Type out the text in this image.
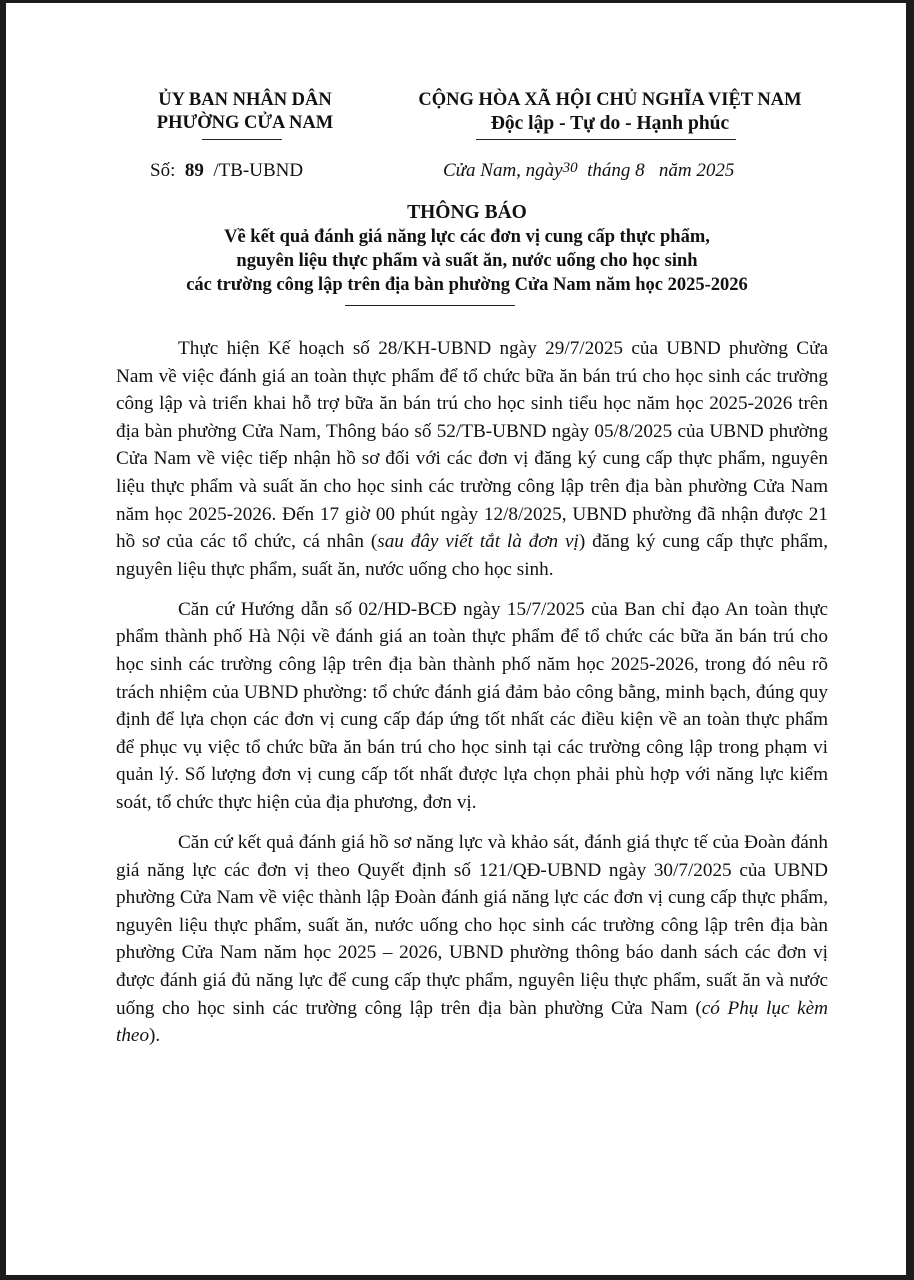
ỦY BAN NHÂN DÂN
PHƯỜNG CỬA NAM
CỘNG HÒA XÃ HỘI CHỦ NGHĨA VIỆT NAM
Độc lập - Tự do - Hạnh phúc
Số: 89 /TB-UBND	Cửa Nam, ngày$^{30}$ tháng 8 năm 2025
THÔNG BÁO
Về kết quả đánh giá năng lực các đơn vị cung cấp thực phẩm,
nguyên liệu thực phẩm và suất ăn, nước uống cho học sinh
các trường công lập trên địa bàn phường Cửa Nam năm học 2025-2026

Thực hiện Kế hoạch số 28/KH-UBND ngày 29/7/2025 của UBND phường Cửa Nam về việc đánh giá an toàn thực phẩm để tổ chức bữa ăn bán trú cho học sinh các trường công lập và triển khai hỗ trợ bữa ăn bán trú cho học sinh tiểu học năm học 2025-2026 trên địa bàn phường Cửa Nam, Thông báo số 52/TB-UBND ngày 05/8/2025 của UBND phường Cửa Nam về việc tiếp nhận hồ sơ đối với các đơn vị đăng ký cung cấp thực phẩm, nguyên liệu thực phẩm và suất ăn cho học sinh các trường công lập trên địa bàn phường Cửa Nam năm học 2025-2026. Đến 17 giờ 00 phút ngày 12/8/2025, UBND phường đã nhận được 21 hồ sơ của các tổ chức, cá nhân (sau đây viết tắt là đơn vị) đăng ký cung cấp thực phẩm, nguyên liệu thực phẩm, suất ăn, nước uống cho học sinh.

Căn cứ Hướng dẫn số 02/HD-BCĐ ngày 15/7/2025 của Ban chỉ đạo An toàn thực phẩm thành phố Hà Nội về đánh giá an toàn thực phẩm để tổ chức các bữa ăn bán trú cho học sinh các trường công lập trên địa bàn thành phố năm học 2025-2026, trong đó nêu rõ trách nhiệm của UBND phường: tổ chức đánh giá đảm bảo công bằng, minh bạch, đúng quy định để lựa chọn các đơn vị cung cấp đáp ứng tốt nhất các điều kiện về an toàn thực phẩm để phục vụ việc tổ chức bữa ăn bán trú cho học sinh tại các trường công lập trong phạm vi quản lý. Số lượng đơn vị cung cấp tốt nhất được lựa chọn phải phù hợp với năng lực kiểm soát, tổ chức thực hiện của địa phương, đơn vị.

Căn cứ kết quả đánh giá hồ sơ năng lực và khảo sát, đánh giá thực tế của Đoàn đánh giá năng lực các đơn vị theo Quyết định số 121/QĐ-UBND ngày 30/7/2025 của UBND phường Cửa Nam về việc thành lập Đoàn đánh giá năng lực các đơn vị cung cấp thực phẩm, nguyên liệu thực phẩm, suất ăn, nước uống cho học sinh các trường công lập trên địa bàn phường Cửa Nam năm học 2025 – 2026, UBND phường thông báo danh sách các đơn vị được đánh giá đủ năng lực để cung cấp thực phẩm, nguyên liệu thực phẩm, suất ăn và nước uống cho học sinh các trường công lập trên địa bàn phường Cửa Nam (có Phụ lục kèm theo).
